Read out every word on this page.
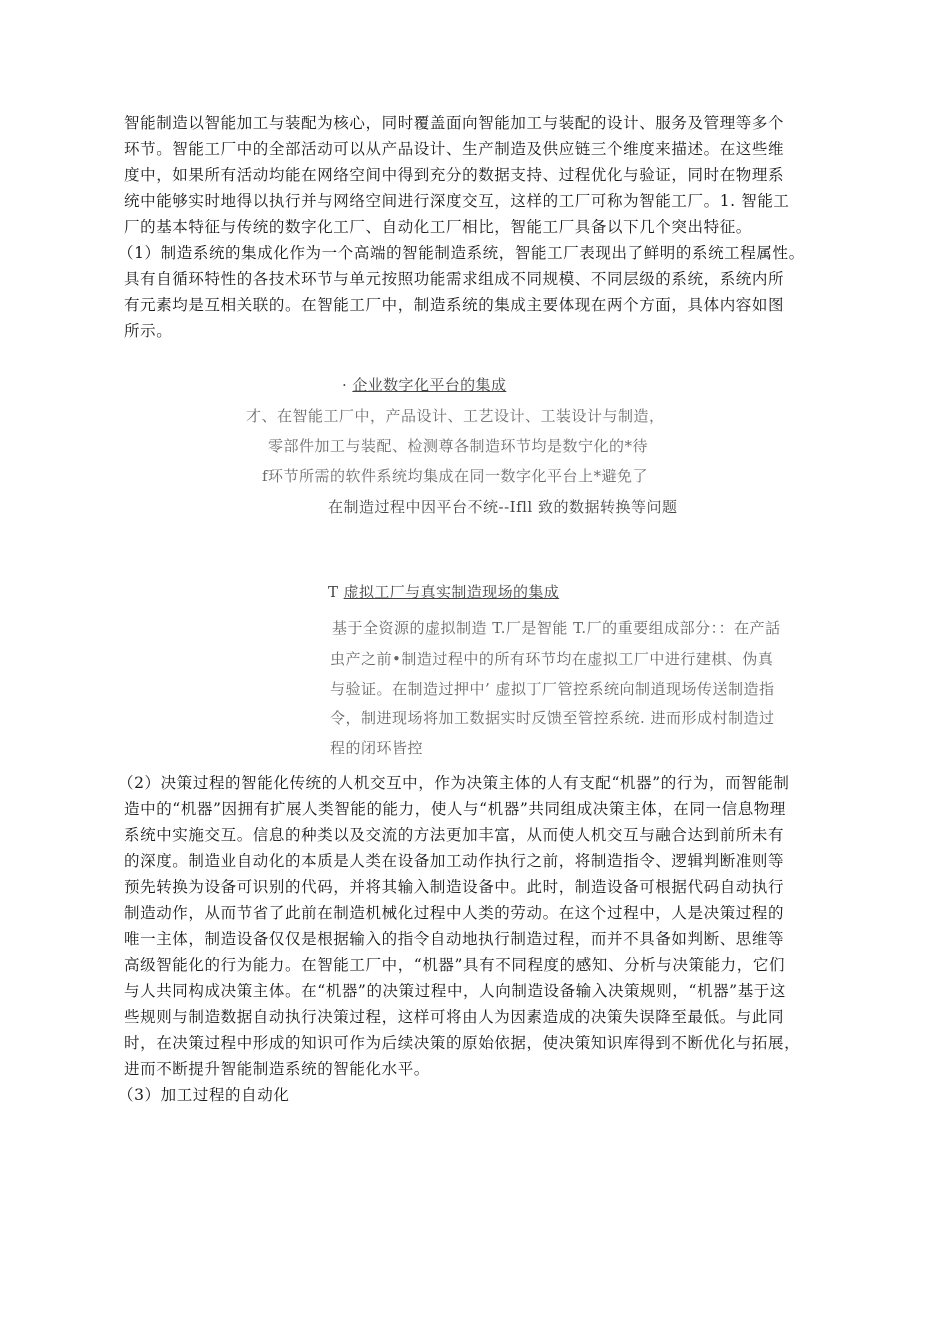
智能制造以智能加工与装配为核心，同时覆盖面向智能加工与装配的设计、服务及管理等多个
环节。智能工厂中的全部活动可以从产品设计、生产制造及供应链三个维度来描述。在这些维
度中，如果所有活动均能在网络空间中得到充分的数据支持、过程优化与验证，同时在物理系
统中能够实时地得以执行并与网络空间进行深度交互，这样的工厂可称为智能工厂。1. 智能工
厂的基本特征与传统的数字化工厂、自动化工厂相比，智能工厂具备以下几个突出特征。
（1）制造系统的集成化作为一个高端的智能制造系统，智能工厂表现出了鲜明的系统工程属性。
具有自循环特性的各技术环节与单元按照功能需求组成不同规模、不同层级的系统，系统内所
有元素均是互相关联的。在智能工厂中，制造系统的集成主要体现在两个方面，具体内容如图
所示。
· 企业数字化平台的集成
才、在智能工厂中，产品设计、工艺设计、工装设计与制造，
零部件加工与装配、检测尊各制造环节均是数宁化的*待
f环节所需的软件系统均集成在同一数字化平台上*避免了
在制造过程中因平台不统--Ifll 致的数据转换等问题
T 虚拟工厂与真实制造现场的集成
基于全资源的虚拟制造 T.厂是智能 T.厂的重要组成部分：：在产話
虫产之前•制造过程中的所有环节均在虚拟工厂中进行建棋、伪真
与验证。在制造过押中’ 虚拟丁厂管控系统向制逍现场传送制造指
令，制进现场将加工数据实时反馈至管控系统. 进而形成村制造过
程的闭环皆控
（2）决策过程的智能化传统的人机交互中，作为决策主体的人有支配“机器”的行为，而智能制
造中的“机器”因拥有扩展人类智能的能力，使人与“机器”共同组成决策主体，在同一信息物理
系统中实施交互。信息的种类以及交流的方法更加丰富，从而使人机交互与融合达到前所未有
的深度。制造业自动化的本质是人类在设备加工动作执行之前，将制造指令、逻辑判断准则等
预先转换为设备可识别的代码，并将其输入制造设备中。此时，制造设备可根据代码自动执行
制造动作，从而节省了此前在制造机械化过程中人类的劳动。在这个过程中，人是决策过程的
唯一主体，制造设备仅仅是根据输入的指令自动地执行制造过程，而并不具备如判断、思维等
高级智能化的行为能力。在智能工厂中，“机器”具有不同程度的感知、分析与决策能力，它们
与人共同构成决策主体。在“机器”的决策过程中，人向制造设备输入决策规则，“机器”基于这
些规则与制造数据自动执行决策过程，这样可将由人为因素造成的决策失误降至最低。与此同
时，在决策过程中形成的知识可作为后续决策的原始依据，使决策知识库得到不断优化与拓展，
进而不断提升智能制造系统的智能化水平。
（3）加工过程的自动化
